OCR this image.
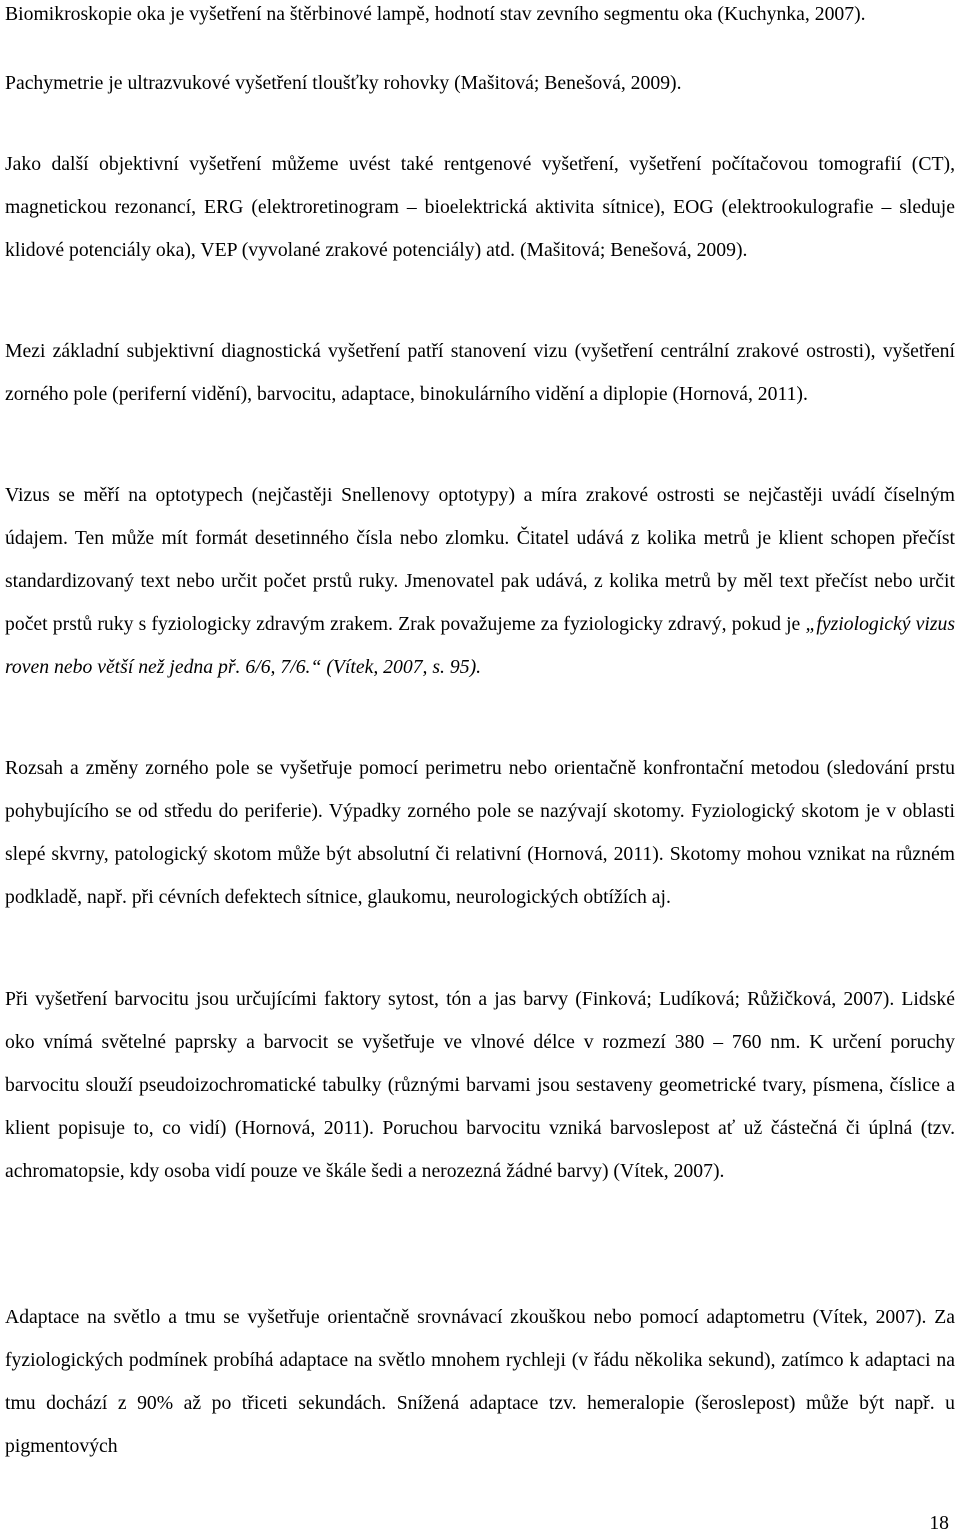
Biomikroskopie oka je vyšetření na štěrbinové lampě, hodnotí stav zevního segmentu oka (Kuchynka, 2007).

Pachymetrie je ultrazvukové vyšetření tloušťky rohovky (Mašitová; Benešová, 2009).

Jako další objektivní vyšetření můžeme uvést také rentgenové vyšetření, vyšetření počítačovou tomografií (CT), magnetickou rezonancí, ERG (elektroretinogram – bioelektrická aktivita sítnice), EOG (elektrookulografie – sleduje klidové potenciály oka), VEP (vyvolané zrakové potenciály) atd. (Mašitová; Benešová, 2009).

Mezi základní subjektivní diagnostická vyšetření patří stanovení vizu (vyšetření centrální zrakové ostrosti), vyšetření zorného pole (periferní vidění), barvocitu, adaptace, binokulárního vidění a diplopie (Hornová, 2011).

Vizus se měří na optotypech (nejčastěji Snellenovy optotypy) a míra zrakové ostrosti se nejčastěji uvádí číselným údajem. Ten může mít formát desetinného čísla nebo zlomku. Čitatel udává z kolika metrů je klient schopen přečíst standardizovaný text nebo určit počet prstů ruky. Jmenovatel pak udává, z kolika metrů by měl text přečíst nebo určit počet prstů ruky s fyziologicky zdravým zrakem. Zrak považujeme za fyziologicky zdravý, pokud je „fyziologický vizus roven nebo větší než jedna př. 6/6, 7/6.“ (Vítek, 2007, s. 95).

Rozsah a změny zorného pole se vyšetřuje pomocí perimetru nebo orientačně konfrontační metodou (sledování prstu pohybujícího se od středu do periferie). Výpadky zorného pole se nazývají skotomy. Fyziologický skotom je v oblasti slepé skvrny, patologický skotom může být absolutní či relativní (Hornová, 2011). Skotomy mohou vznikat na různém podkladě, např. při cévních defektech sítnice, glaukomu, neurologických obtížích aj.

Při vyšetření barvocitu jsou určujícími faktory sytost, tón a jas barvy (Finková; Ludíková; Růžičková, 2007). Lidské oko vnímá světelné paprsky a barvocit se vyšetřuje ve vlnové délce v rozmezí 380 – 760 nm. K určení poruchy barvocitu slouží pseudoizochromatické tabulky (různými barvami jsou sestaveny geometrické tvary, písmena, číslice a klient popisuje to, co vidí) (Hornová, 2011). Poruchou barvocitu vzniká barvoslepost ať už částečná či úplná (tzv. achromatopsie, kdy osoba vidí pouze ve škále šedi a nerozezná žádné barvy) (Vítek, 2007).

Adaptace na světlo a tmu se vyšetřuje orientačně srovnávací zkouškou nebo pomocí adaptometru (Vítek, 2007). Za fyziologických podmínek probíhá adaptace na světlo mnohem rychleji (v řádu několika sekund), zatímco k adaptaci na tmu dochází z 90% až po třiceti sekundách. Snížená adaptace tzv. hemeralopie (šeroslepost) může být např. u pigmentových

18
